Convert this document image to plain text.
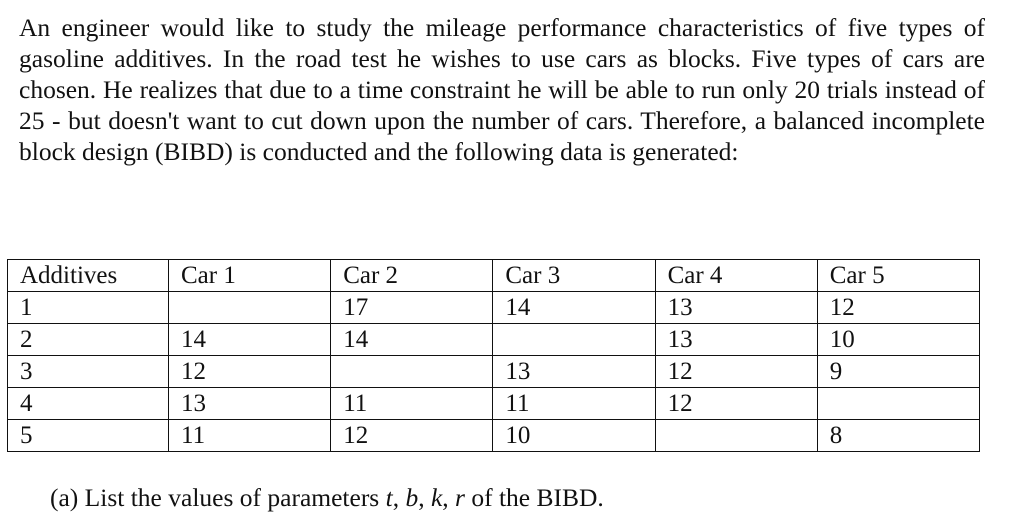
An engineer would like to study the mileage performance characteristics of five types of gasoline additives. In the road test he wishes to use cars as blocks. Five types of cars are chosen. He realizes that due to a time constraint he will be able to run only 20 trials instead of 25 - but doesn't want to cut down upon the number of cars. Therefore, a balanced incomplete block design (BIBD) is conducted and the following data is generated:

Additives	Car 1	Car 2	Car 3	Car 4	Car 5
1		17	14	13	12
2	14	14		13	10
3	12		13	12	9
4	13	11	11	12	
5	11	12	10		8

(a) List the values of parameters t, b, k, r of the BIBD.
